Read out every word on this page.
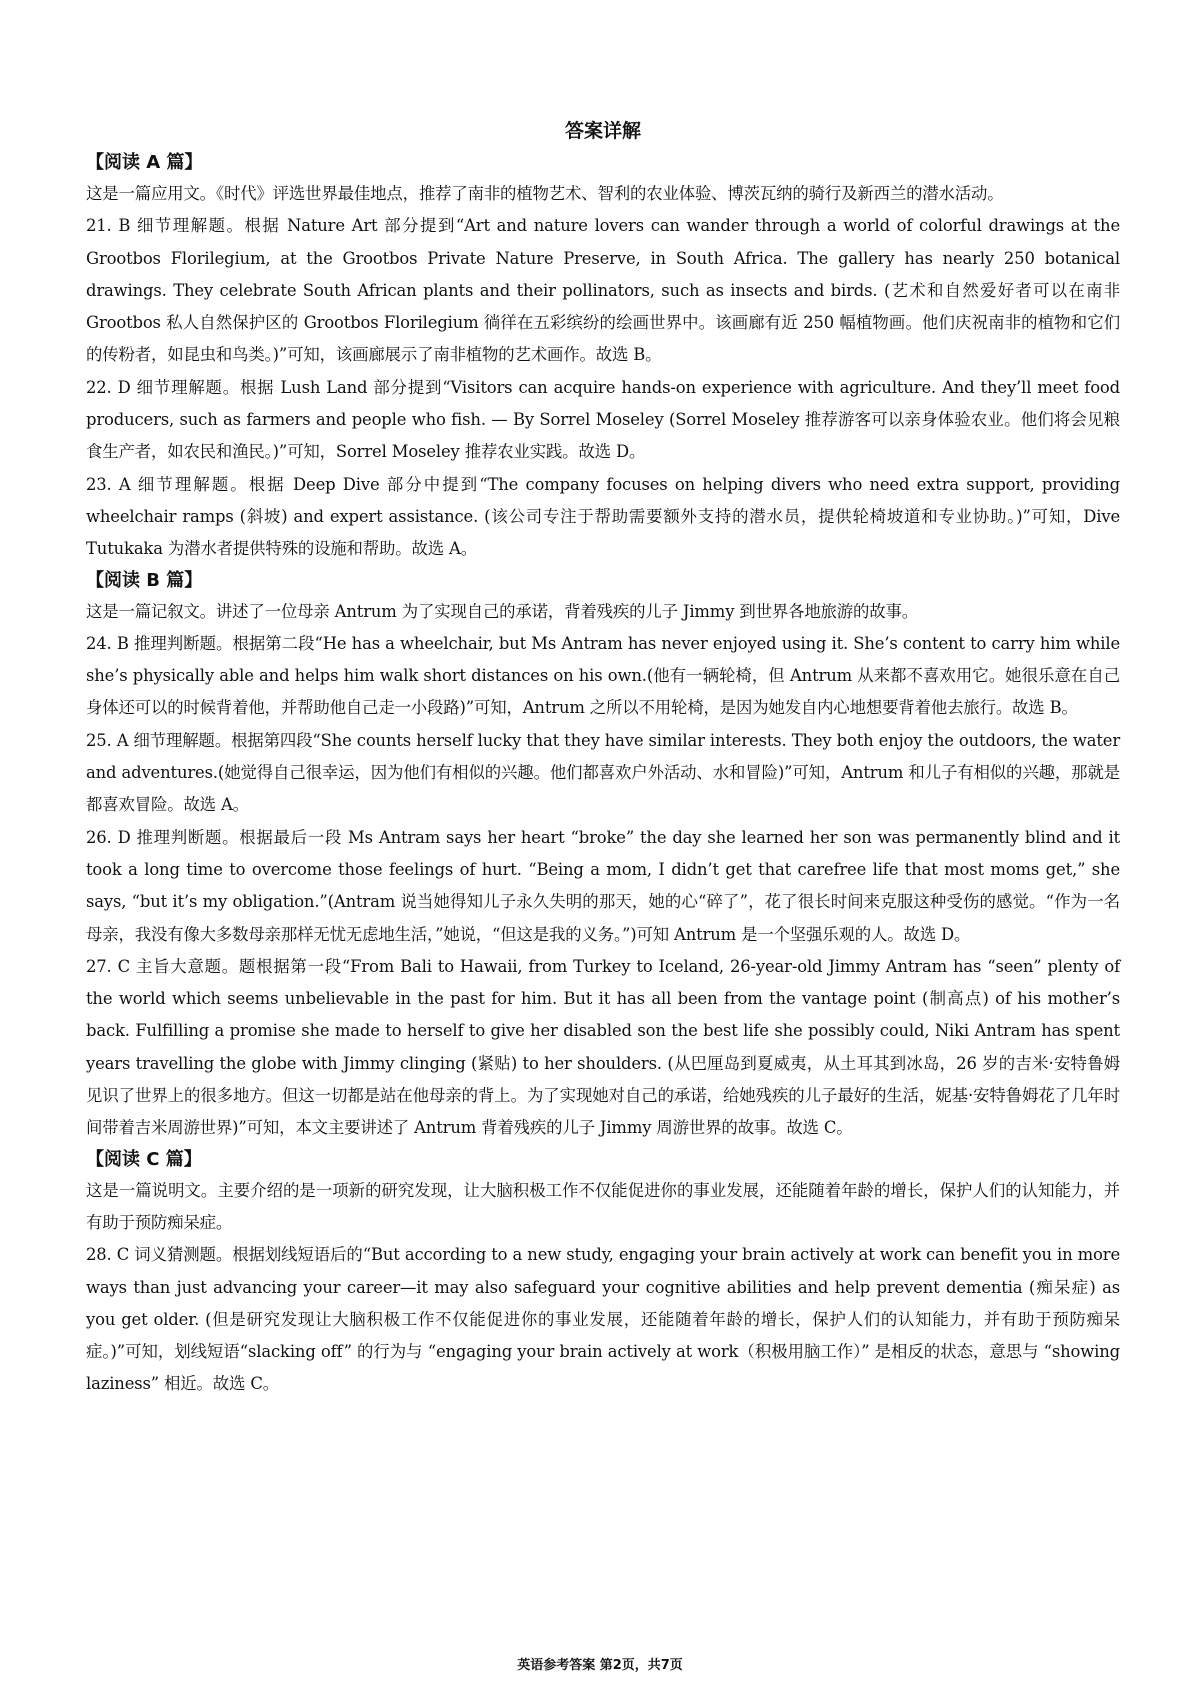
答案详解
【阅读 A 篇】

这是一篇应用文。《时代》评选世界最佳地点，推荐了南非的植物艺术、智利的农业体验、博茨瓦纳的骑行及新西兰的潜水活动。

21. B 细节理解题。根据 Nature Art 部分提到“Art and nature lovers can wander through a world of colorful drawings at the Grootbos Florilegium, at the Grootbos Private Nature Preserve, in South Africa. The gallery has nearly 250 botanical drawings. They celebrate South African plants and their pollinators, such as insects and birds. (艺术和自然爱好者可以在南非 Grootbos 私人自然保护区的 Grootbos Florilegium 徜徉在五彩缤纷的绘画世界中。该画廊有近 250 幅植物画。他们庆祝南非的植物和它们的传粉者，如昆虫和鸟类。)”可知，该画廊展示了南非植物的艺术画作。故选 B。

22. D 细节理解题。根据 Lush Land 部分提到“Visitors can acquire hands-on experience with agriculture. And they’ll meet food producers, such as farmers and people who fish. — By Sorrel Moseley (Sorrel Moseley 推荐游客可以亲身体验农业。他们将会见粮食生产者，如农民和渔民。)”可知，Sorrel Moseley 推荐农业实践。故选 D。

23. A 细节理解题。根据 Deep Dive 部分中提到“The company focuses on helping divers who need extra support, providing wheelchair ramps (斜坡) and expert assistance. (该公司专注于帮助需要额外支持的潜水员，提供轮椅坡道和专业协助。)”可知，Dive Tutukaka 为潜水者提供特殊的设施和帮助。故选 A。

【阅读 B 篇】

这是一篇记叙文。讲述了一位母亲 Antrum 为了实现自己的承诺，背着残疾的儿子 Jimmy 到世界各地旅游的故事。

24. B 推理判断题。根据第二段“He has a wheelchair, but Ms Antram has never enjoyed using it. She’s content to carry him while she’s physically able and helps him walk short distances on his own.(他有一辆轮椅，但 Antrum 从来都不喜欢用它。她很乐意在自己身体还可以的时候背着他，并帮助他自己走一小段路)”可知，Antrum 之所以不用轮椅，是因为她发自内心地想要背着他去旅行。故选 B。

25. A 细节理解题。根据第四段“She counts herself lucky that they have similar interests. They both enjoy the outdoors, the water and adventures.(她觉得自己很幸运，因为他们有相似的兴趣。他们都喜欢户外活动、水和冒险)”可知，Antrum 和儿子有相似的兴趣，那就是都喜欢冒险。故选 A。

26. D 推理判断题。根据最后一段 Ms Antram says her heart “broke” the day she learned her son was permanently blind and it took a long time to overcome those feelings of hurt. “Being a mom, I didn’t get that carefree life that most moms get,” she says, “but it’s my obligation.”(Antram 说当她得知儿子永久失明的那天，她的心“碎了”，花了很长时间来克服这种受伤的感觉。“作为一名母亲，我没有像大多数母亲那样无忧无虑地生活，”她说，“但这是我的义务。”)可知 Antrum 是一个坚强乐观的人。故选 D。

27. C 主旨大意题。题根据第一段“From Bali to Hawaii, from Turkey to Iceland, 26-year-old Jimmy Antram has “seen” plenty of the world which seems unbelievable in the past for him. But it has all been from the vantage point (制高点) of his mother’s back. Fulfilling a promise she made to herself to give her disabled son the best life she possibly could, Niki Antram has spent years travelling the globe with Jimmy clinging (紧贴) to her shoulders. (从巴厘岛到夏威夷，从土耳其到冰岛，26 岁的吉米·安特鲁姆见识了世界上的很多地方。但这一切都是站在他母亲的背上。为了实现她对自己的承诺，给她残疾的儿子最好的生活，妮基·安特鲁姆花了几年时间带着吉米周游世界)”可知，本文主要讲述了 Antrum 背着残疾的儿子 Jimmy 周游世界的故事。故选 C。

【阅读 C 篇】

这是一篇说明文。主要介绍的是一项新的研究发现，让大脑积极工作不仅能促进你的事业发展，还能随着年龄的增长，保护人们的认知能力，并有助于预防痴呆症。

28. C 词义猜测题。根据划线短语后的“But according to a new study, engaging your brain actively at work can benefit you in more ways than just advancing your career—it may also safeguard your cognitive abilities and help prevent dementia (痴呆症) as you get older. (但是研究发现让大脑积极工作不仅能促进你的事业发展，还能随着年龄的增长，保护人们的认知能力，并有助于预防痴呆症。)”可知，划线短语“slacking off” 的行为与 “engaging your brain actively at work（积极用脑工作）” 是相反的状态，意思与 “showing laziness” 相近。故选 C。

英语参考答案 第2页，共7页
